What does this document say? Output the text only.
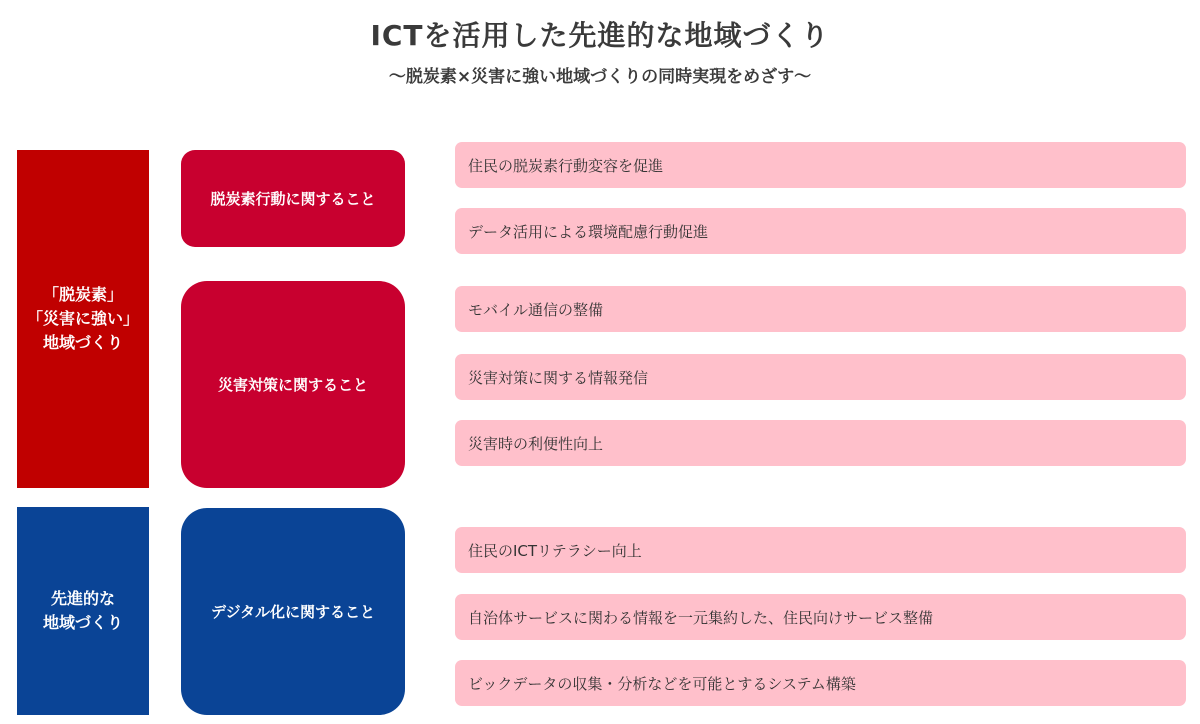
ICTを活用した先進的な地域づくり
～脱炭素×災害に強い地域づくりの同時実現をめざす～
「脱炭素」
「災害に強い」
地域づくり
先進的な
地域づくり
脱炭素行動に関すること
災害対策に関すること
デジタル化に関すること
住民の脱炭素行動変容を促進
データ活用による環境配慮行動促進
モバイル通信の整備
災害対策に関する情報発信
災害時の利便性向上
住民のICTリテラシー向上
自治体サービスに関わる情報を一元集約した、住民向けサービス整備
ビックデータの収集・分析などを可能とするシステム構築
